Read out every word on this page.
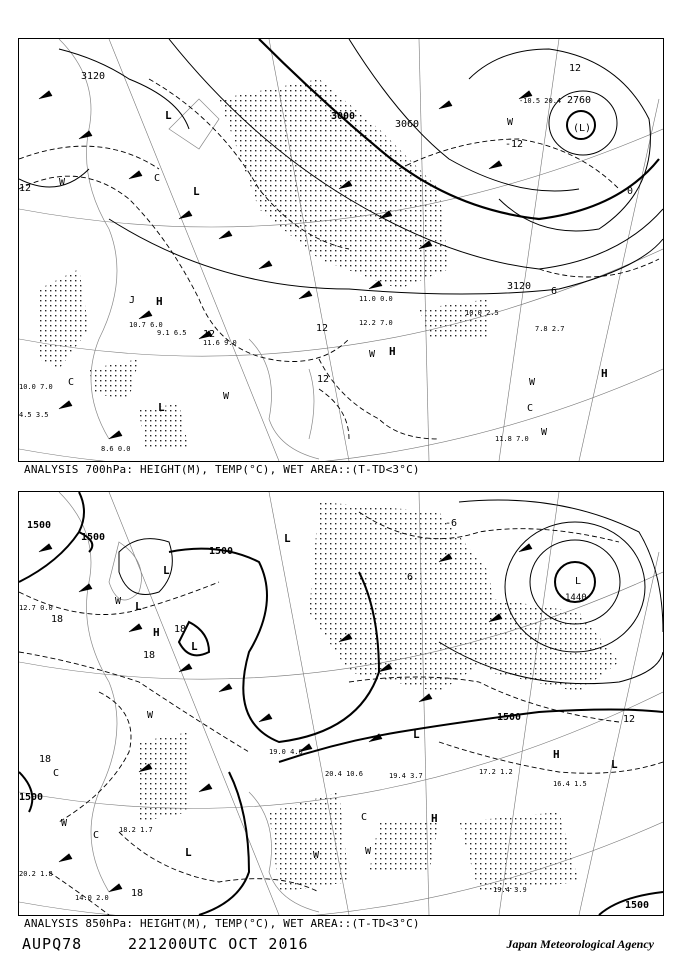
3120
3000
3060
3120
2760
12
12
6
0
-12
12
12
12
L
L
C
H
J
L
C
W
W H
W
H
C
W
W
W
(L)
11.6 9.0
10.0 2.5
7.8 2.7
12.2 7.0
11.0 0.0
8.6 0.0
10.0 7.0
4.5 3.5
9.1 6.5
10.7 6.0
11.8 7.0
-10.5 20.4
ANALYSIS 700hPa: HEIGHT(M), TEMP(°C), WET AREA::(T-TD<3°C)
1500
1500
1500
1500
1500
1500
1440
18
18
18
18
18
12
6
-6
L
L
H
L
W
W
L
L
H
L
H
C
W
W
C
L
W
L
C
19.4 3.7
20.4 10.6
19.4 3.9
16.4 1.5
17.2 1.2
20.2 1.8
18.2 1.7
19.0 4.0
12.7 0.0
14.0 2.0
ANALYSIS 850hPa: HEIGHT(M), TEMP(°C), WET AREA::(T-TD<3°C)
AUPQ78	221200UTC OCT 2016	Japan Meteorological Agency
